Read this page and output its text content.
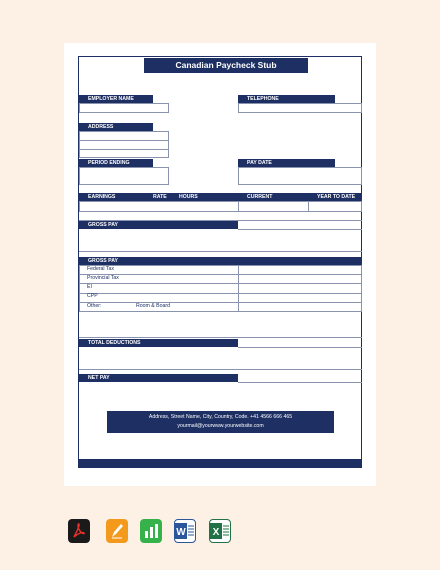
Canadian Paycheck Stub
EMPLOYER NAME	TELEPHONE
ADDRESS
PERIOD ENDING	PAY DATE
EARNINGS	RATE	HOURS	CURRENT	YEAR TO DATE
GROSS PAY
GROSS PAY
Federal Tax
Provincial Tax
EI
CPP
Other:	Room & Board
TOTAL DEDUCTIONS
NET PAY
Address, Street Name, City, Country, Code. +41 4566 666 465
yourmail@yourwww.yourwebsite.com
W	X
